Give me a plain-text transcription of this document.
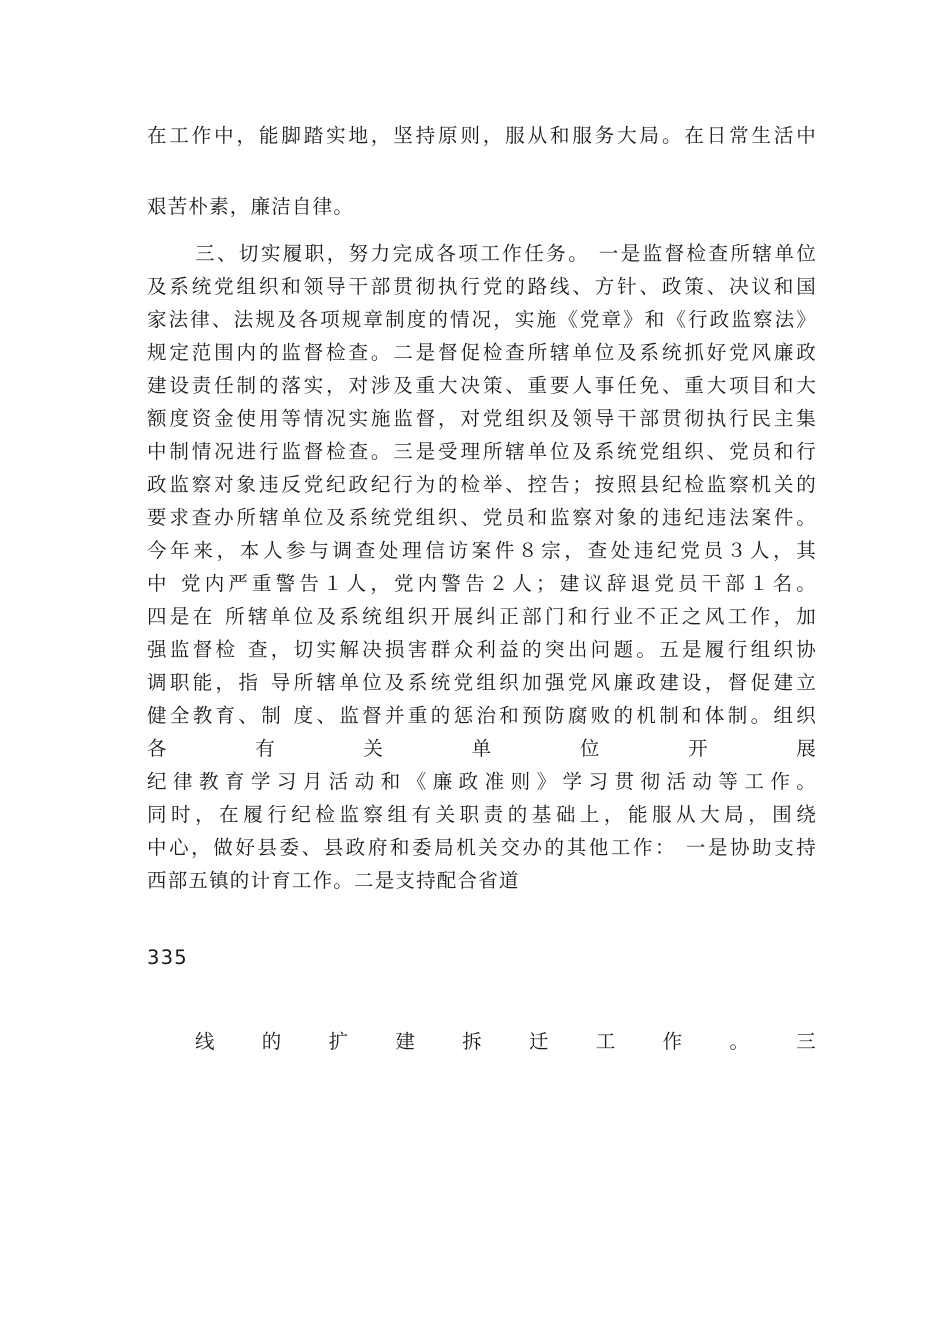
在工作中，能脚踏实地，坚持原则，服从和服务大局。在日常生活中
艰苦朴素，廉洁自律。
三、切实履职，努力完成各项工作任务。 一是监督检查所辖单位
及系统党组织和领导干部贯彻执行党的路线、方针、政策、决议和国
家法律、法规及各项规章制度的情况，实施《党章》和《行政监察法》
规定范围内的监督检查。二是督促检查所辖单位及系统抓好党风廉政
建设责任制的落实，对涉及重大决策、重要人事任免、重大项目和大
额度资金使用等情况实施监督，对党组织及领导干部贯彻执行民主集
中制情况进行监督检查。三是受理所辖单位及系统党组织、党员和行
政监察对象违反党纪政纪行为的检举、控告；按照县纪检监察机关的
要求查办所辖单位及系统党组织、党员和监察对象的违纪违法案件。
今年来，本人参与调查处理信访案件８宗，查处违纪党员３人，其
中 党内严重警告１人，党内警告２人；建议辞退党员干部１名。
四是在 所辖单位及系统组织开展纠正部门和行业不正之风工作，加
强监督检 查，切实解决损害群众利益的突出问题。五是履行组织协
调职能，指 导所辖单位及系统党组织加强党风廉政建设，督促建立
健全教育、制 度、监督并重的惩治和预防腐败的机制和体制。组织
各有关单位开展
纪律教育学习月活动和《廉政准则》学习贯彻活动等工作。
同时，在履行纪检监察组有关职责的基础上，能服从大局，围绕
中心，做好县委、县政府和委局机关交办的其他工作： 一是协助支持
西部五镇的计育工作。二是支持配合省道
335
线的扩建拆迁工作。三
